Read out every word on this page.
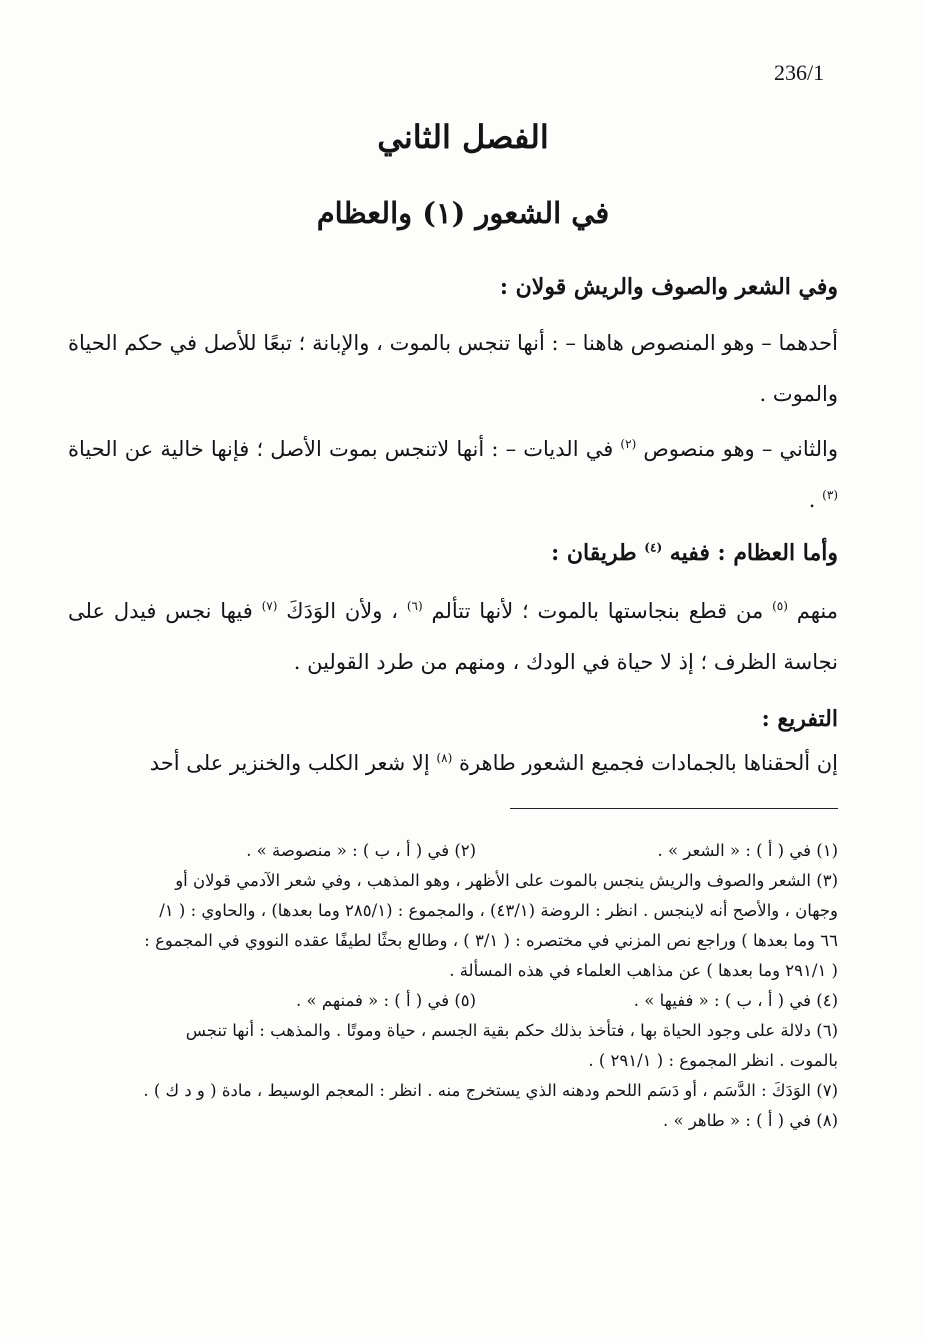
236/1
الفصل الثاني
في الشعور (١) والعظام
وفي الشعر والصوف والريش قولان :
أحدهما – وهو المنصوص هاهنا – : أنها تنجس بالموت ، والإبانة ؛ تبعًا للأصل في حكم الحياة والموت .
والثاني – وهو منصوص $^{(٢)}$ في الديات – : أنها لاتنجس بموت الأصل ؛ فإنها خالية عن الحياة $^{(٣)}$ .
وأما العظام : ففيه $^{(٤)}$ طريقان :
منهم $^{(٥)}$ من قطع بنجاستها بالموت ؛ لأنها تتألم $^{(٦)}$ ، ولأن الوَدَكَ $^{(٧)}$ فيها نجس فيدل على نجاسة الظرف ؛ إذ لا حياة في الودك ، ومنهم من طرد القولين .
التفريع :
إن ألحقناها بالجمادات فجميع الشعور طاهرة $^{(٨)}$ إلا شعر الكلب والخنزير على أحد
(١) في ( أ ) : « الشعر » .
(٢) في ( أ ، ب ) : « منصوصة » .
(٣) الشعر والصوف والريش ينجس بالموت على الأظهر ، وهو المذهب ، وفي شعر الآدمي قولان أو
وجهان ، والأصح أنه لاينجس . انظر : الروضة (٤٣/١) ، والمجموع : (٢٨٥/١ وما بعدها) ، والحاوي : ( ١/
٦٦ وما بعدها ) وراجع نص المزني في مختصره : ( ٣/١ ) ، وطالع بحثًا لطيفًا عقده النووي في المجموع :
( ٢٩١/١ وما بعدها ) عن مذاهب العلماء في هذه المسألة .
(٤) في ( أ ، ب ) : « ففيها » .
(٥) في ( أ ) : « فمنهم » .
(٦) دلالة على وجود الحياة بها ، فتأخذ بذلك حكم بقية الجسم ، حياة وموتًا . والمذهب : أنها تنجس
بالموت . انظر المجموع : ( ٢٩١/١ ) .
(٧) الوَدَكَ : الدَّسَم ، أو دَسَم اللحم ودهنه الذي يستخرج منه . انظر : المعجم الوسيط ، مادة ( و د ك ) .
(٨) في ( أ ) : « طاهر » .
